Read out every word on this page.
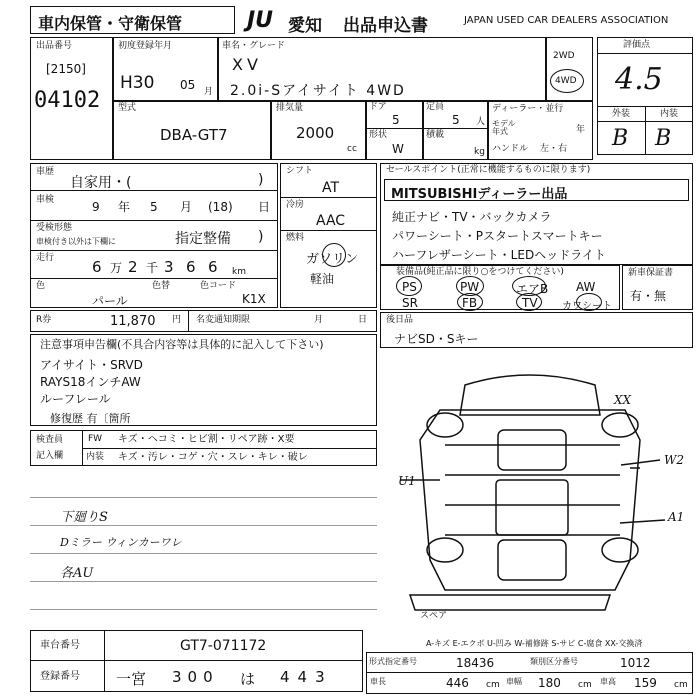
車内保管・守衛保管	JU 愛知 出品申込書	JAPAN USED CAR DEALERS ASSOCIATION
出品番号
[2150]
04102
初度登録年月
H30 05 月
車名・グレード
XV
2.0i-Sアイサイト 4WD
2WD
4WD
型式
DBA-GT7
排気量
2000
cc
ドア
5
形状
W
定員
5 人
積載
kg
ディーラー・並行
モデル年式	年
ハンドル 左・右
評価点
4.5
外装	内装
B B
車歴
自家用・(	)
車検	9 年 5 月 (18) 日
受検形態
車検付き以外は下欄に	指定整備 )
走行	6 万 2 千 3 6 6 km
色
パール
色替	色コード
K1X
シフト
AT
冷房
AAC
燃料
ガソリン
軽油
セールスポイント(正常に機能するものに限ります)
MITSUBISHIディーラー出品
純正ナビ・TV・バックカメラ
パワーシート・Pスタートスマートキー
ハーフレザーシート・LEDヘッドライト
装備品(純正品に限り○をつけてください)
PS	PW	エアB AW
SR	FB	TV カワシート
新車保証書
有・無
R券	11,870 円 名変通知期限	月	日 後日品
ナビSD・Sキー
注意事項申告欄(不具合内容等は具体的に記入して下さい)
アイサイト・SRVD
RAYS18インチAW
ルーフレール
修復歴 有〔箇所
検査員
記入欄
FW キズ・ヘコミ・ヒビ割・リペア跡・X要
内装 キズ・汚レ・コゲ・穴・スレ・キレ・破レ
下廻りS
Dミラー ウィンカーワレ
各AU
XX
W2
U1
A1
スペア
A-キズ E-エクボ U-凹み W-補修跡 S-サビ C-腐食 XX-交換済
車台番号	GT7-071172
登録番号 一宮 300 は 443
形式指定番号	18436	類別区分番号	1012
車長	446 cm 車幅 180 cm 車高 159 cm
